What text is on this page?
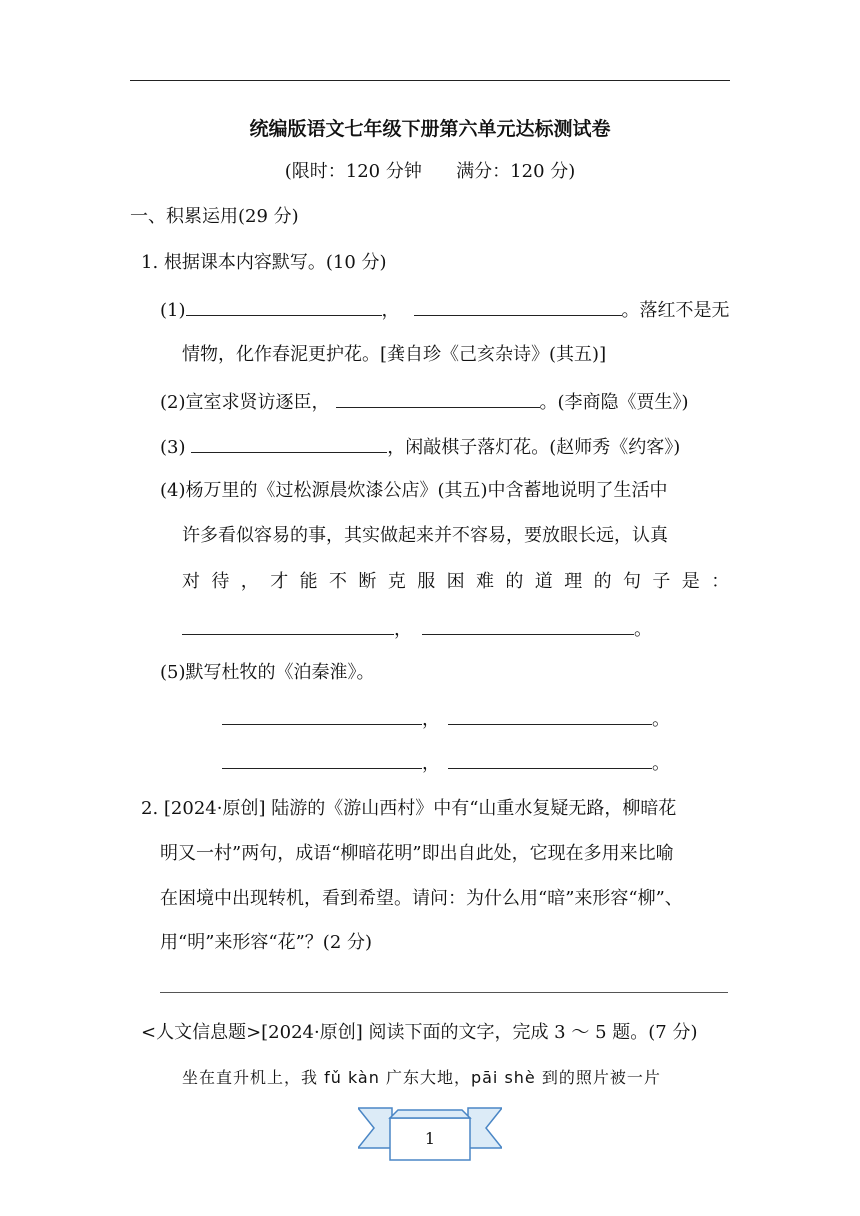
统编版语文七年级下册第六单元达标测试卷
(限时：120 分钟      满分：120 分)
一、积累运用(29 分)
1. 根据课本内容默写。(10 分)
(1)	，	。落红不是无
情物，化作春泥更护花。[龚自珍《己亥杂诗》(其五)]
(2)宣室求贤访逐臣，	。(李商隐《贾生》)
(3)	，闲敲棋子落灯花。(赵师秀《约客》)
(4)杨万里的《过松源晨炊漆公店》(其五)中含蓄地说明了生活中
许多看似容易的事，其实做起来并不容易，要放眼长远，认真
对待，才能不断克服困难的道理的句子是：
，	。
(5)默写杜牧的《泊秦淮》。
，	。
，	。
2. [2024·原创] 陆游的《游山西村》中有“山重水复疑无路，柳暗花
明又一村”两句，成语“柳暗花明”即出自此处，它现在多用来比喻
在困境中出现转机，看到希望。请问：为什么用“暗”来形容“柳”、
用“明”来形容“花”？(2 分)
<人文信息题>[2024·原创] 阅读下面的文字，完成 3 ～ 5 题。(7 分)
坐在直升机上，我 fǔ kàn 广东大地，pāi shè 到的照片被一片
1
